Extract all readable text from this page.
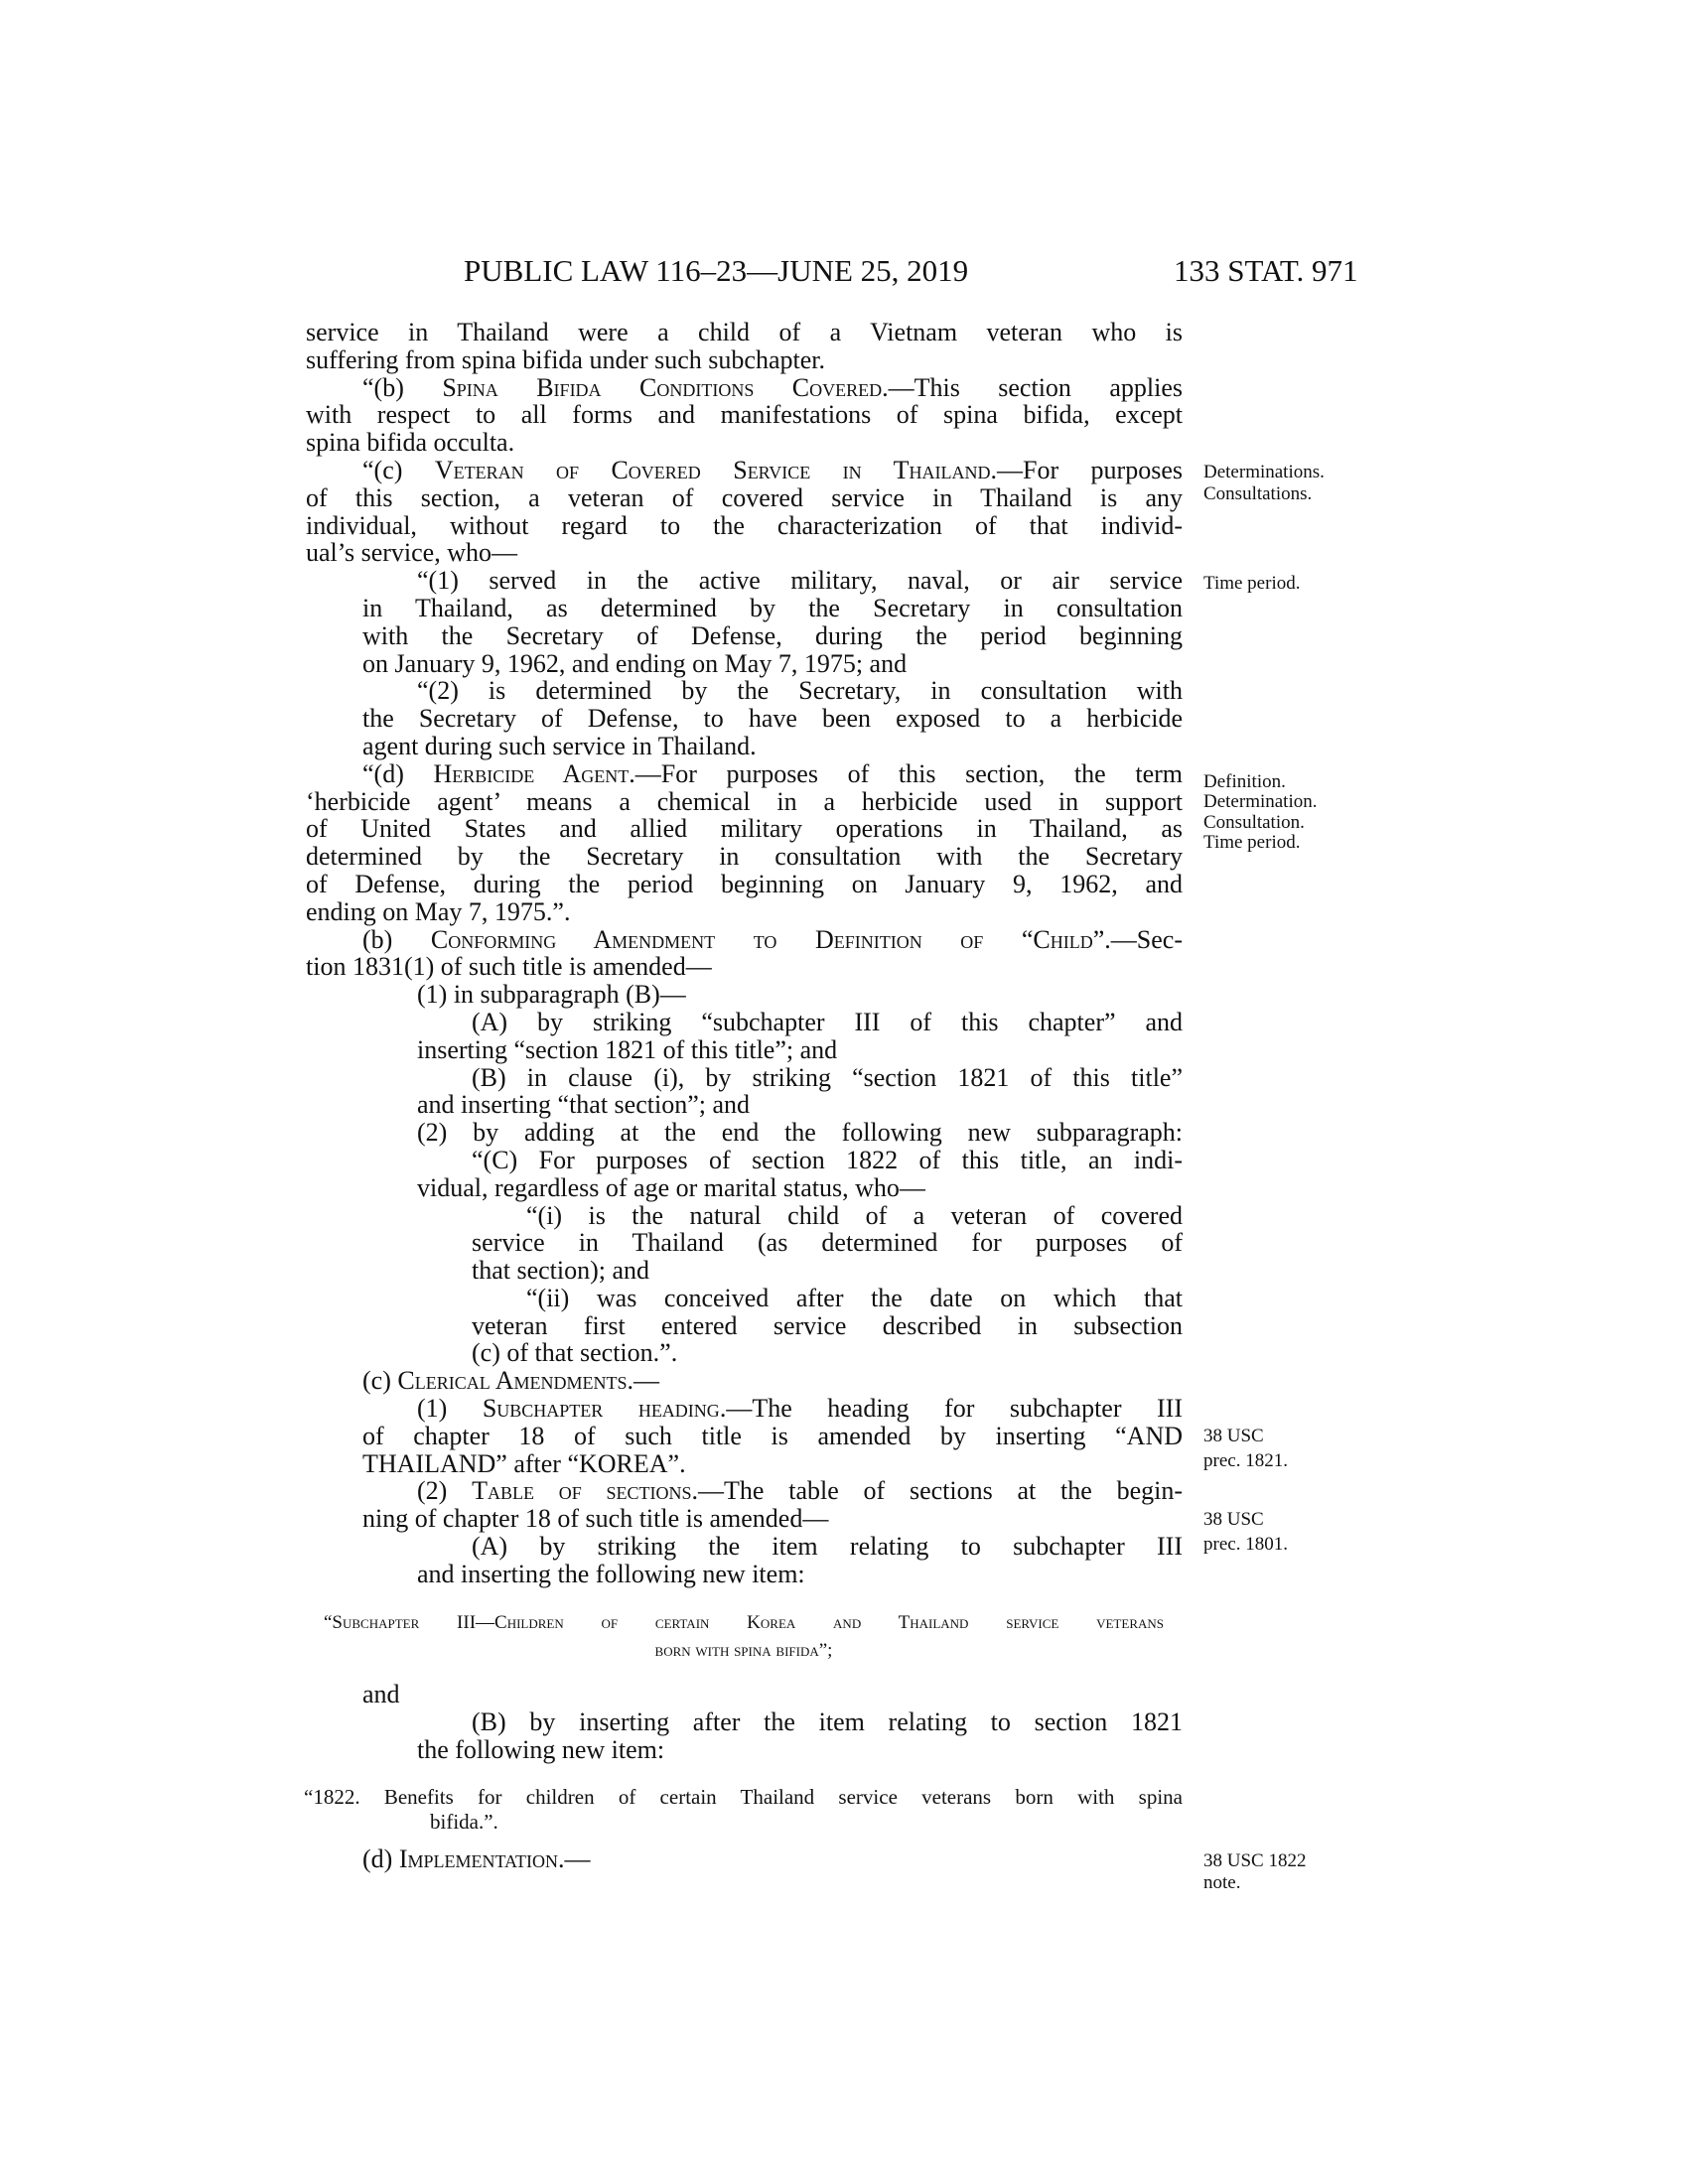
PUBLIC LAW 116–23—JUNE 25, 2019	133 STAT. 971
service in Thailand were a child of a Vietnam veteran who is
suffering from spina bifida under such subchapter.
“(b) Spina Bifida Conditions Covered.—This section applies
with respect to all forms and manifestations of spina bifida, except
spina bifida occulta.
“(c) Veteran of Covered Service in Thailand.—For purposes
of this section, a veteran of covered service in Thailand is any
individual, without regard to the characterization of that individ-
ual’s service, who—
“(1) served in the active military, naval, or air service
in Thailand, as determined by the Secretary in consultation
with the Secretary of Defense, during the period beginning
on January 9, 1962, and ending on May 7, 1975; and
“(2) is determined by the Secretary, in consultation with
the Secretary of Defense, to have been exposed to a herbicide
agent during such service in Thailand.
“(d) Herbicide Agent.—For purposes of this section, the term
‘herbicide agent’ means a chemical in a herbicide used in support
of United States and allied military operations in Thailand, as
determined by the Secretary in consultation with the Secretary
of Defense, during the period beginning on January 9, 1962, and
ending on May 7, 1975.”.
(b) Conforming Amendment to Definition of “Child”.—Sec-
tion 1831(1) of such title is amended—
(1) in subparagraph (B)—
(A) by striking “subchapter III of this chapter” and
inserting “section 1821 of this title”; and
(B) in clause (i), by striking “section 1821 of this title”
and inserting “that section”; and
(2) by adding at the end the following new subparagraph:
“(C) For purposes of section 1822 of this title, an indi-
vidual, regardless of age or marital status, who—
“(i) is the natural child of a veteran of covered
service in Thailand (as determined for purposes of
that section); and
“(ii) was conceived after the date on which that
veteran first entered service described in subsection
(c) of that section.”.
(c) Clerical Amendments.—
(1) Subchapter heading.—The heading for subchapter III
of chapter 18 of such title is amended by inserting “AND
THAILAND” after “KOREA”.
(2) Table of sections.—The table of sections at the begin-
ning of chapter 18 of such title is amended—
(A) by striking the item relating to subchapter III
and inserting the following new item:
“Subchapter III—Children of certain Korea and Thailand service veterans
born with spina bifida”;
and
(B) by inserting after the item relating to section 1821
the following new item:
“1822. Benefits for children of certain Thailand service veterans born with spina
bifida.”.
(d) Implementation.—
Determinations.
Consultations.
Time period.
Definition.
Determination.
Consultation.
Time period.
38 USC
prec. 1821.
38 USC
prec. 1801.
38 USC 1822
note.
